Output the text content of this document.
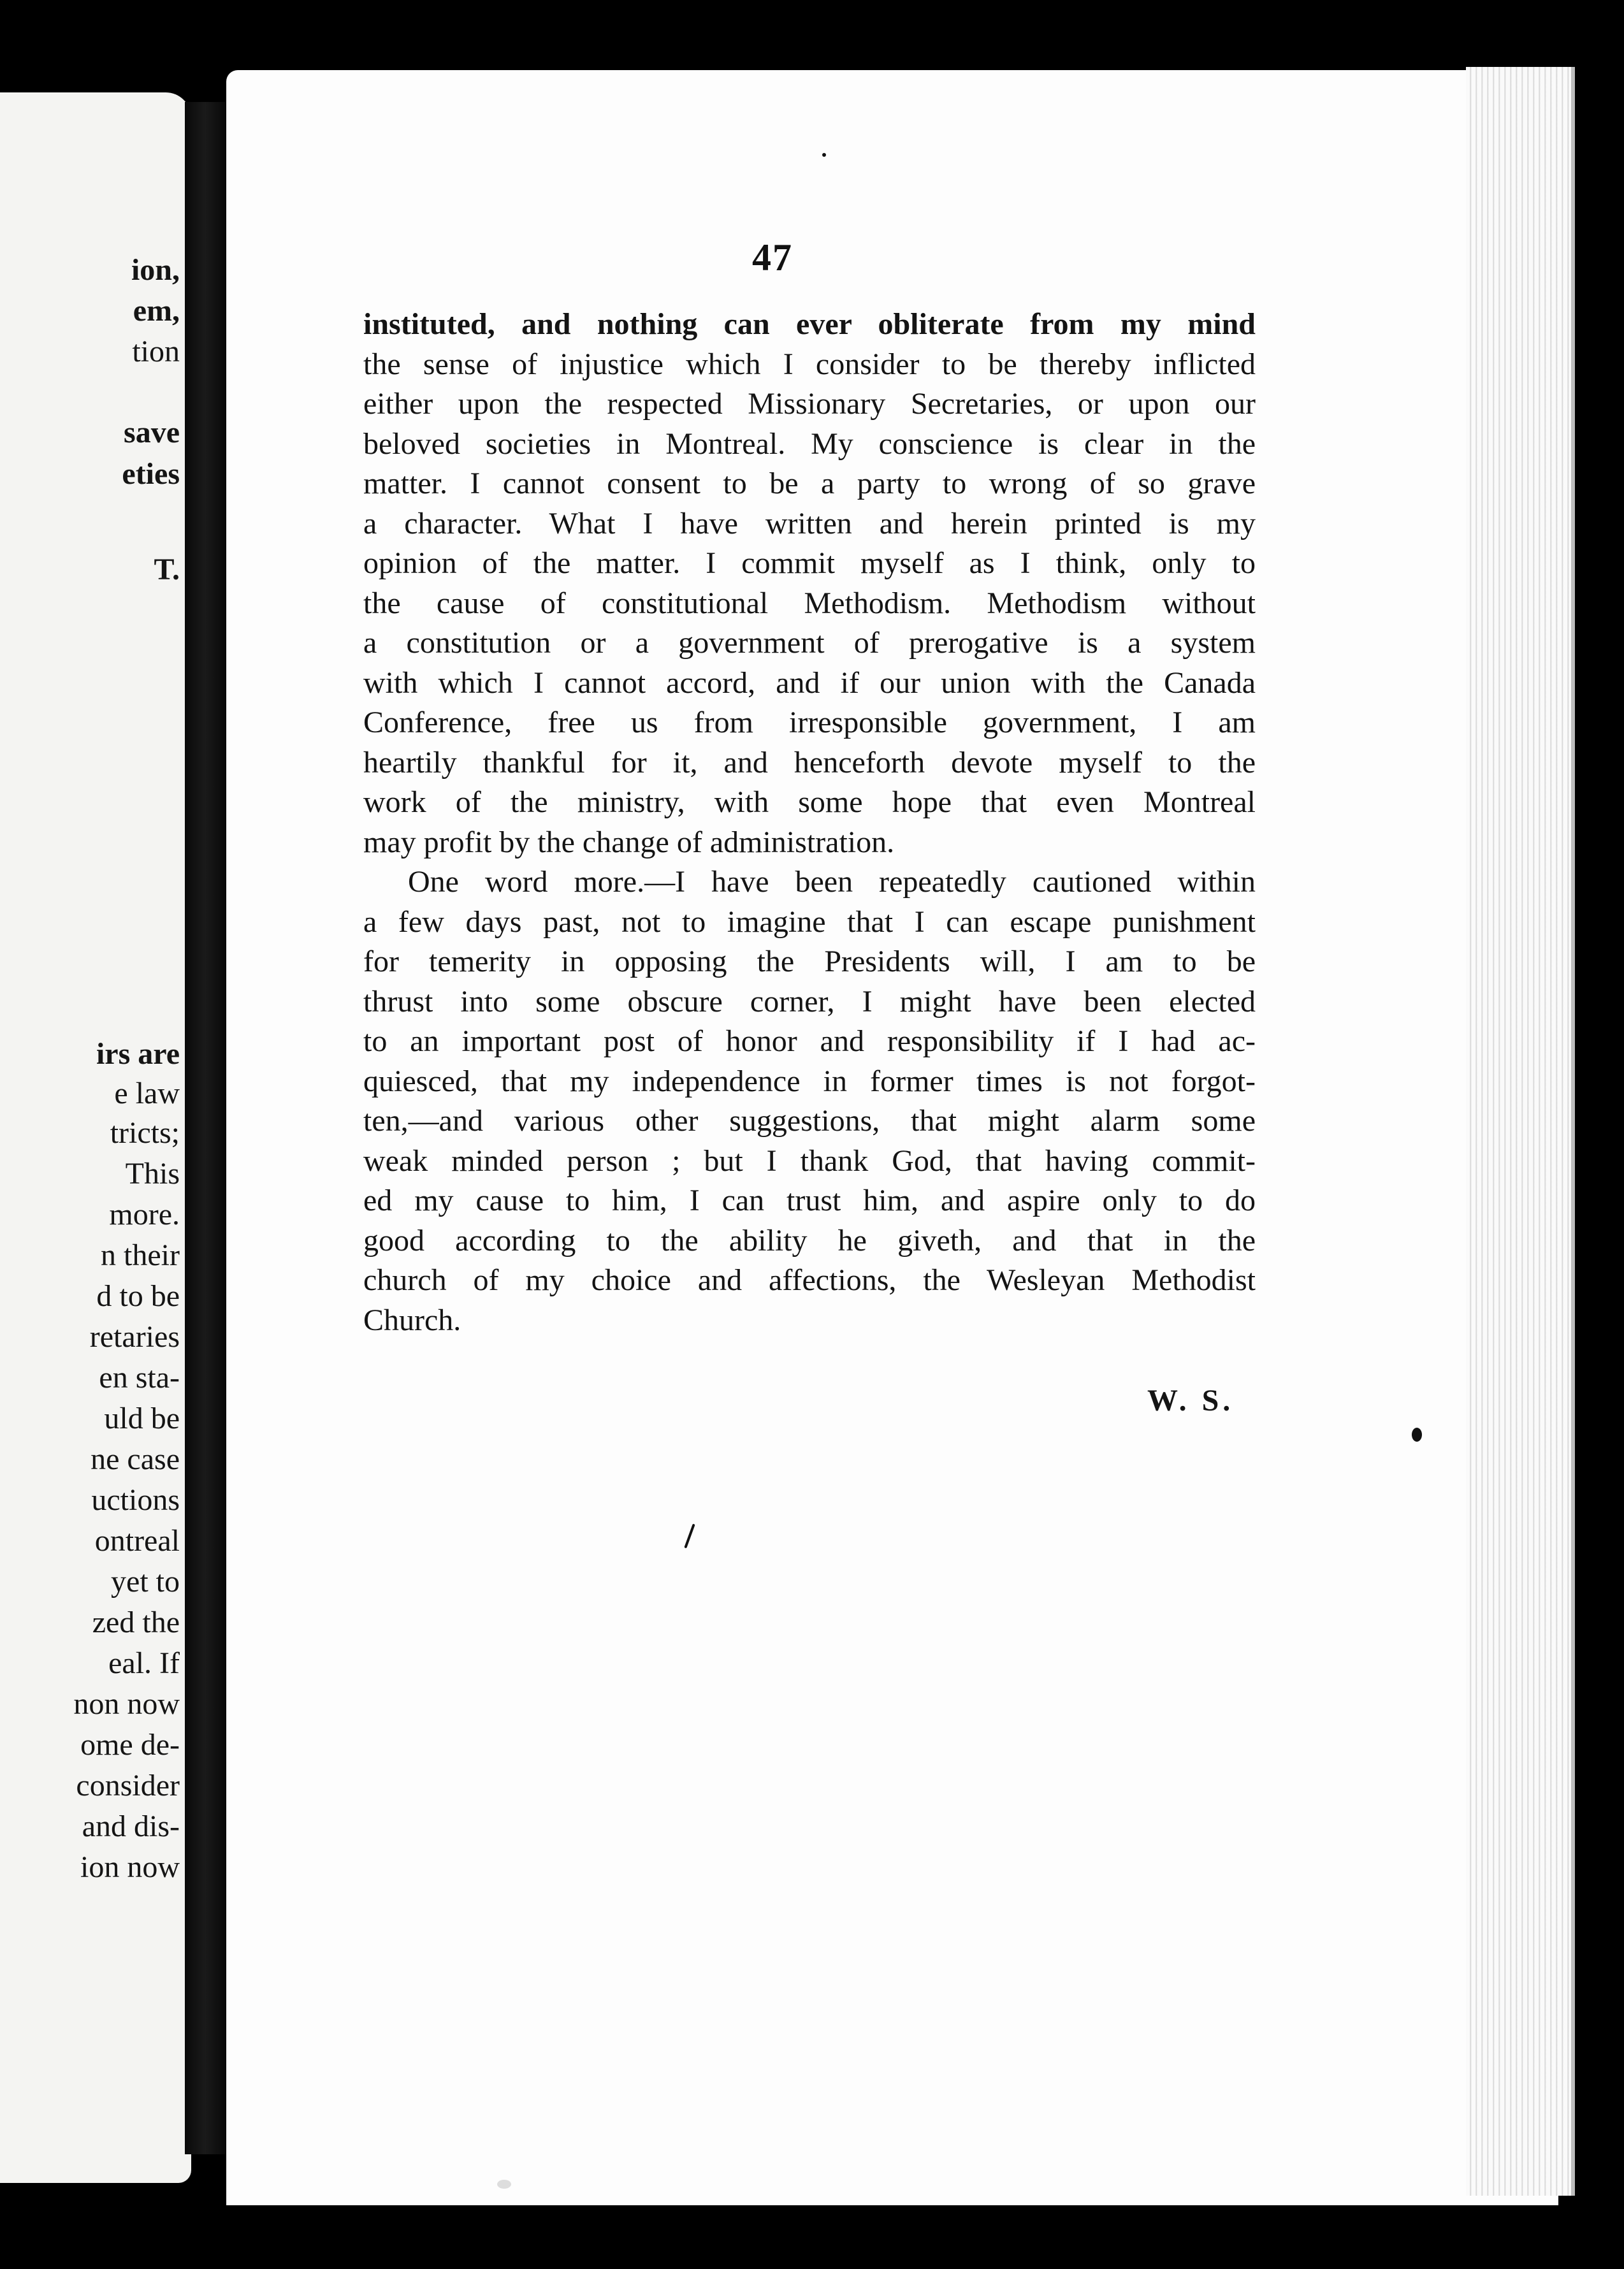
ion,
em,
tion
save
eties
T.
irs are
e law
tricts;
This
more.
n their
d to be
retaries
en sta-
uld be
ne case
uctions
ontreal
yet to
zed the
eal. If
non now
ome de-
consider
and dis-
ion now
47
instituted, and nothing can ever obliterate from my mind
the sense of injustice which I consider to be thereby inflicted
either upon the respected Missionary Secretaries, or upon our
beloved societies in Montreal. My conscience is clear in the
matter. I cannot consent to be a party to wrong of so grave
a character. What I have written and herein printed is my
opinion of the matter. I commit myself as I think, only to
the cause of constitutional Methodism. Methodism without
a constitution or a government of prerogative is a system
with which I cannot accord, and if our union with the Canada
Conference, free us from irresponsible government, I am
heartily thankful for it, and henceforth devote myself to the
work of the ministry, with some hope that even Montreal
may profit by the change of administration.
One word more.—I have been repeatedly cautioned within
a few days past, not to imagine that I can escape punishment
for temerity in opposing the Presidents will, I am to be
thrust into some obscure corner, I might have been elected
to an important post of honor and responsibility if I had ac-
quiesced, that my independence in former times is not forgot-
ten,—and various other suggestions, that might alarm some
weak minded person ; but I thank God, that having commit-
ed my cause to him, I can trust him, and aspire only to do
good according to the ability he giveth, and that in the
church of my choice and affections, the Wesleyan Methodist
Church.
W. S.
